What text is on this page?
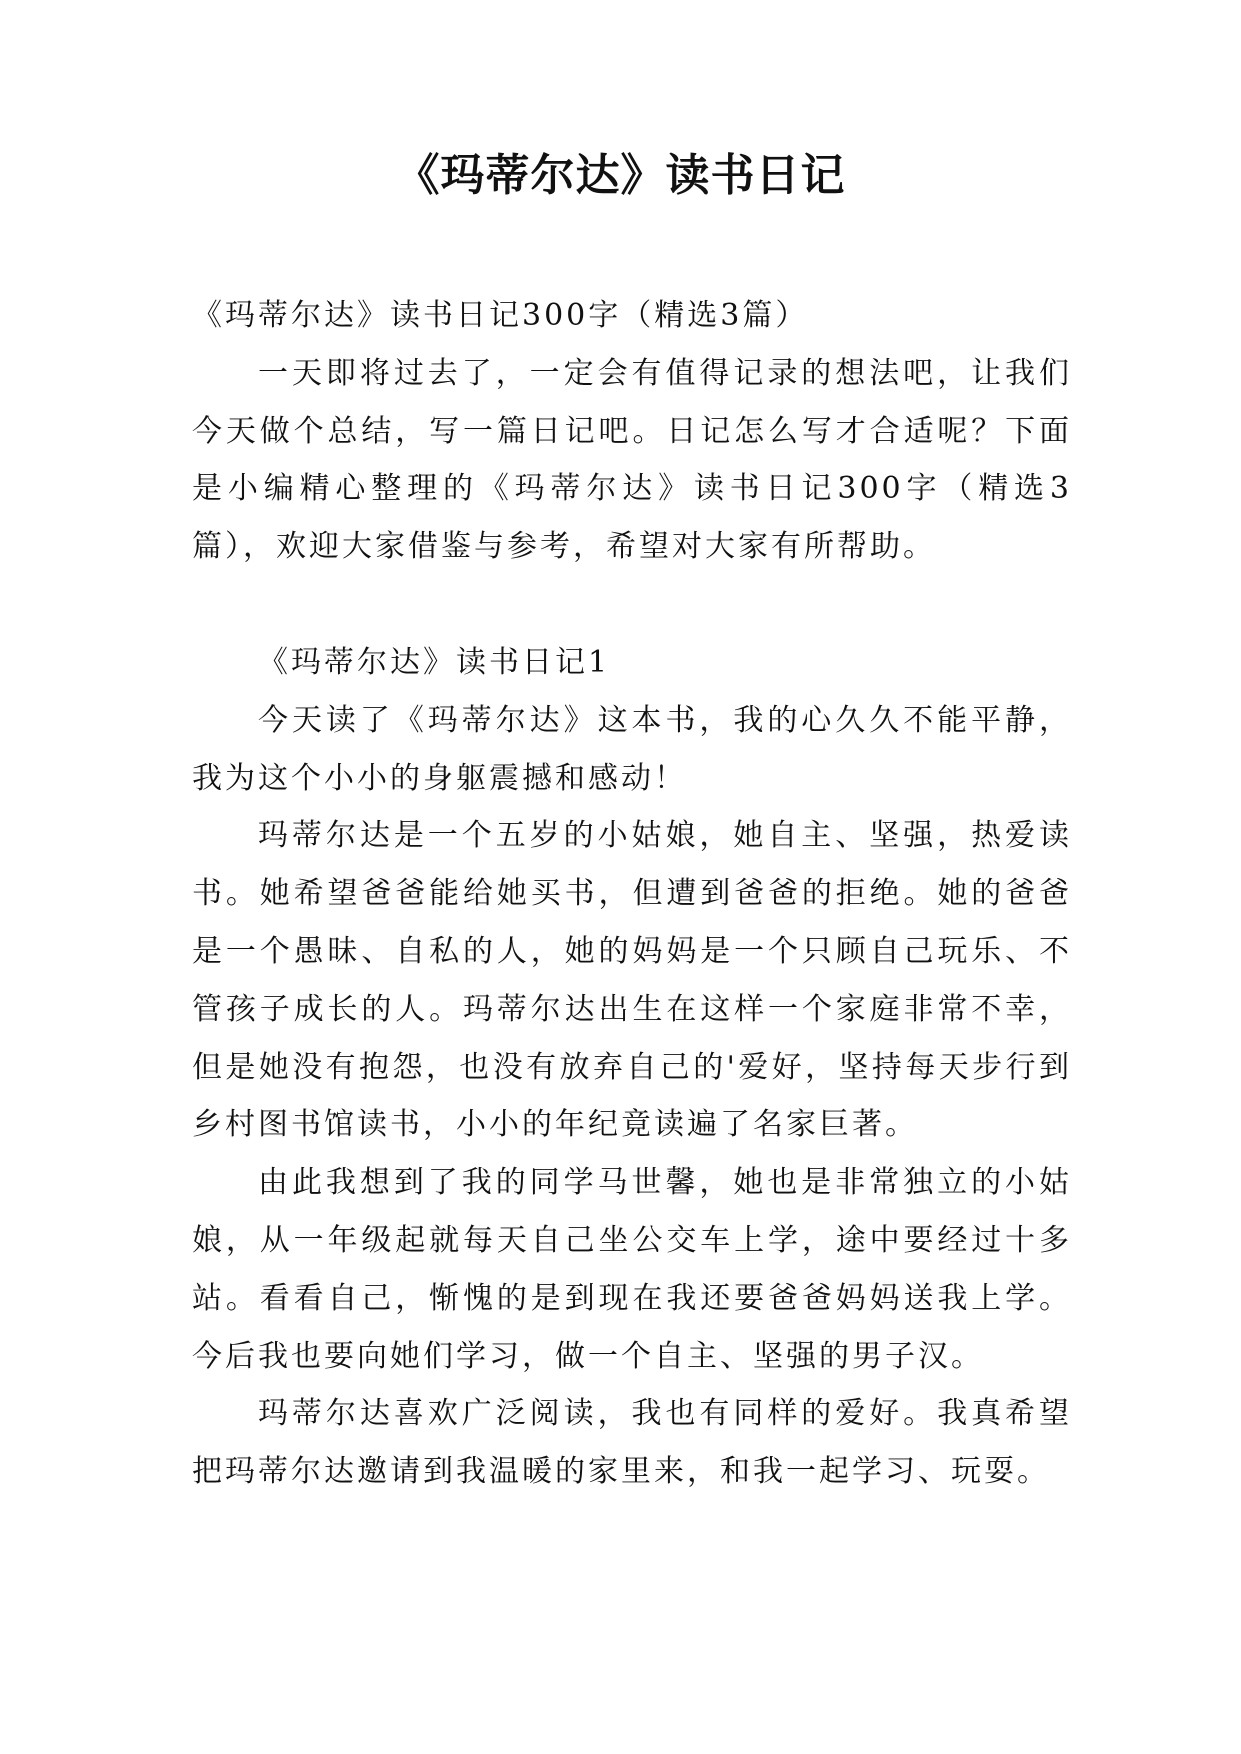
《玛蒂尔达》读书日记

《玛蒂尔达》读书日记300字（精选3篇）

一天即将过去了，一定会有值得记录的想法吧，让我们今天做个总结，写一篇日记吧。日记怎么写才合适呢？下面是小编精心整理的《玛蒂尔达》读书日记300字（精选3篇），欢迎大家借鉴与参考，希望对大家有所帮助。

《玛蒂尔达》读书日记1

今天读了《玛蒂尔达》这本书，我的心久久不能平静，我为这个小小的身躯震撼和感动！

玛蒂尔达是一个五岁的小姑娘，她自主、坚强，热爱读书。她希望爸爸能给她买书，但遭到爸爸的拒绝。她的爸爸是一个愚昧、自私的人，她的妈妈是一个只顾自己玩乐、不管孩子成长的人。玛蒂尔达出生在这样一个家庭非常不幸，但是她没有抱怨，也没有放弃自己的'爱好，坚持每天步行到乡村图书馆读书，小小的年纪竟读遍了名家巨著。

由此我想到了我的同学马世馨，她也是非常独立的小姑娘，从一年级起就每天自己坐公交车上学，途中要经过十多站。看看自己，惭愧的是到现在我还要爸爸妈妈送我上学。今后我也要向她们学习，做一个自主、坚强的男子汉。

玛蒂尔达喜欢广泛阅读，我也有同样的爱好。我真希望把玛蒂尔达邀请到我温暖的家里来，和我一起学习、玩耍。
